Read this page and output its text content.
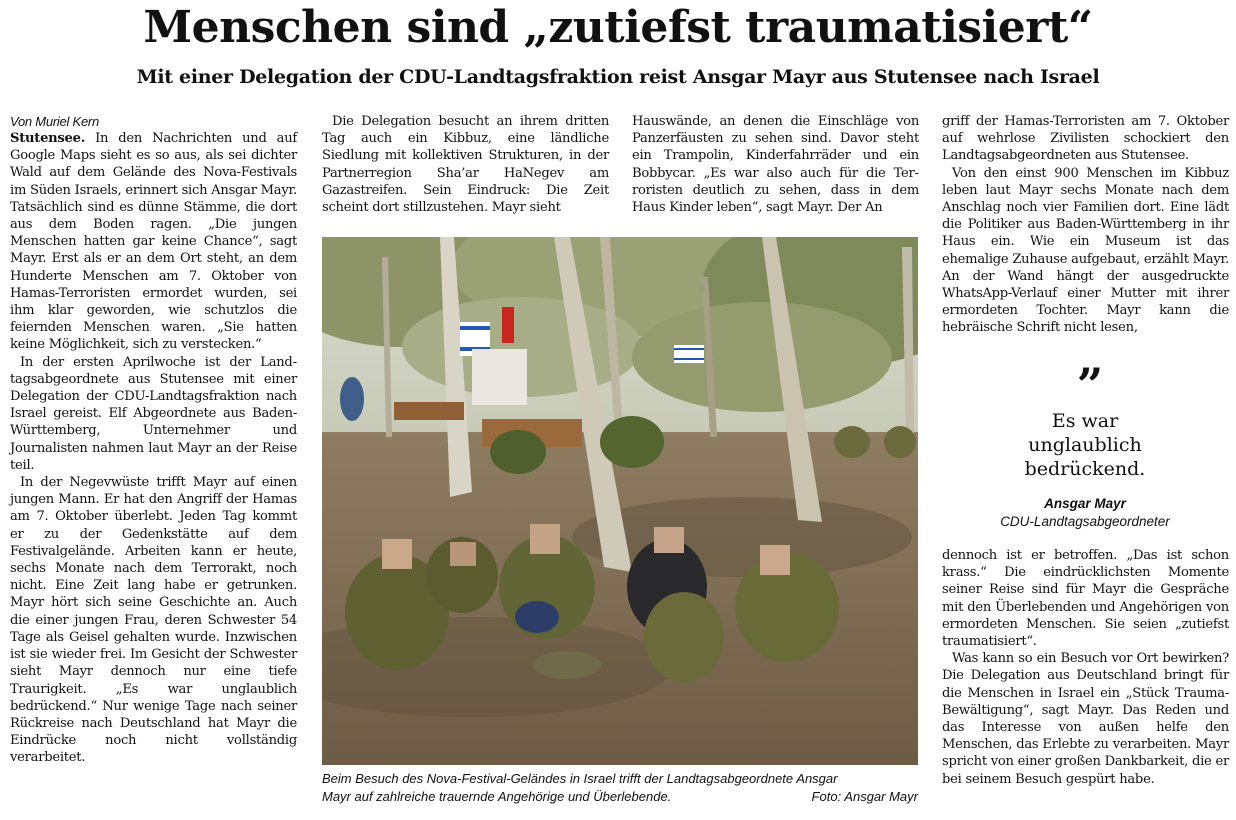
Menschen sind „zutiefst traumatisiert“
Mit einer Delegation der CDU-Landtagsfraktion reist Ansgar Mayr aus Stutensee nach Israel

Von Muriel Kern

Stutensee. In den Nachrichten und auf Google Maps sieht es so aus, als sei dichter Wald auf dem Gelände des Nova-Festivals im Süden Israels, erinnert sich Ansgar Mayr. Tatsächlich sind es dünne Stämme, die dort aus dem Boden ragen. „Die jungen Menschen hatten gar keine Chance“, sagt Mayr. Erst als er an dem Ort steht, an dem Hunderte Menschen am 7. Oktober von Hamas-Terroristen ermordet wurden, sei ihm klar geworden, wie schutzlos die feiernden Menschen waren. „Sie hatten keine Möglichkeit, sich zu verstecken.“

In der ersten Aprilwoche ist der Landtagsabgeordnete aus Stutensee mit einer Delegation der CDU-Landtagsfraktion nach Israel gereist. Elf Abgeordnete aus Baden-Württemberg, Unternehmer und Journalisten nahmen laut Mayr an der Reise teil.

In der Negevwüste trifft Mayr auf einen jungen Mann. Er hat den Angriff der Hamas am 7. Oktober überlebt. Jeden Tag kommt er zu der Gedenkstätte auf dem Festivalgelände. Arbeiten kann er heute, sechs Monate nach dem Terrorakt, noch nicht. Eine Zeit lang habe er getrunken. Mayr hört sich seine Geschichte an. Auch die einer jungen Frau, deren Schwester 54 Tage als Geisel gehalten wurde. Inzwischen ist sie wieder frei. Im Gesicht der Schwester sieht Mayr dennoch nur eine tiefe Traurigkeit. „Es war unglaublich bedrückend.“ Nur wenige Tage nach seiner Rückreise nach Deutschland hat Mayr die Eindrücke noch nicht vollständig verarbeitet.

Die Delegation besucht an ihrem dritten Tag auch ein Kibbuz, eine ländliche Siedlung mit kollektiven Strukturen, in der Partnerregion Sha’ar HaNegev am Gazastreifen. Sein Eindruck: Die Zeit scheint dort stillzustehen. Mayr sieht

Hauswände, an denen die Einschläge von Panzerfäusten zu sehen sind. Davor steht ein Trampolin, Kinderfahrräder und ein Bobbycar. „Es war also auch für die Terroristen deutlich zu sehen, dass in dem Haus Kinder leben“, sagt Mayr. Der An

griff der Hamas-Terroristen am 7. Oktober auf wehrlose Zivilisten schockiert den Landtagsabgeordneten aus Stutensee.

Von den einst 900 Menschen im Kibbuz leben laut Mayr sechs Monate nach dem Anschlag noch vier Familien dort. Eine lädt die Politiker aus Baden-Württemberg in ihr Haus ein. Wie ein Museum ist das ehemalige Zuhause aufgebaut, erzählt Mayr. An der Wand hängt der ausgedruckte WhatsApp-Verlauf einer Mutter mit ihrer ermordeten Tochter. Mayr kann die hebräische Schrift nicht lesen,

”
Es war
unglaublich
bedrückend.
Ansgar Mayr
CDU-Landtagsabgeordneter

dennoch ist er betroffen. „Das ist schon krass.“ Die eindrücklichsten Momente seiner Reise sind für Mayr die Gespräche mit den Überlebenden und Angehörigen von ermordeten Menschen. Sie seien „zutiefst traumatisiert“.

Was kann so ein Besuch vor Ort bewirken? Die Delegation aus Deutschland bringt für die Menschen in Israel ein „Stück Trauma-Bewältigung“, sagt Mayr. Das Reden und das Interesse von außen helfe den Menschen, das Erlebte zu verarbeiten. Mayr spricht von einer großen Dankbarkeit, die er bei seinem Besuch gespürt habe.

Beim Besuch des Nova-Festival-Geländes in Israel trifft der Landtagsabgeordnete Ansgar
Mayr auf zahlreiche trauernde Angehörige und Überlebende.	Foto: Ansgar Mayr
